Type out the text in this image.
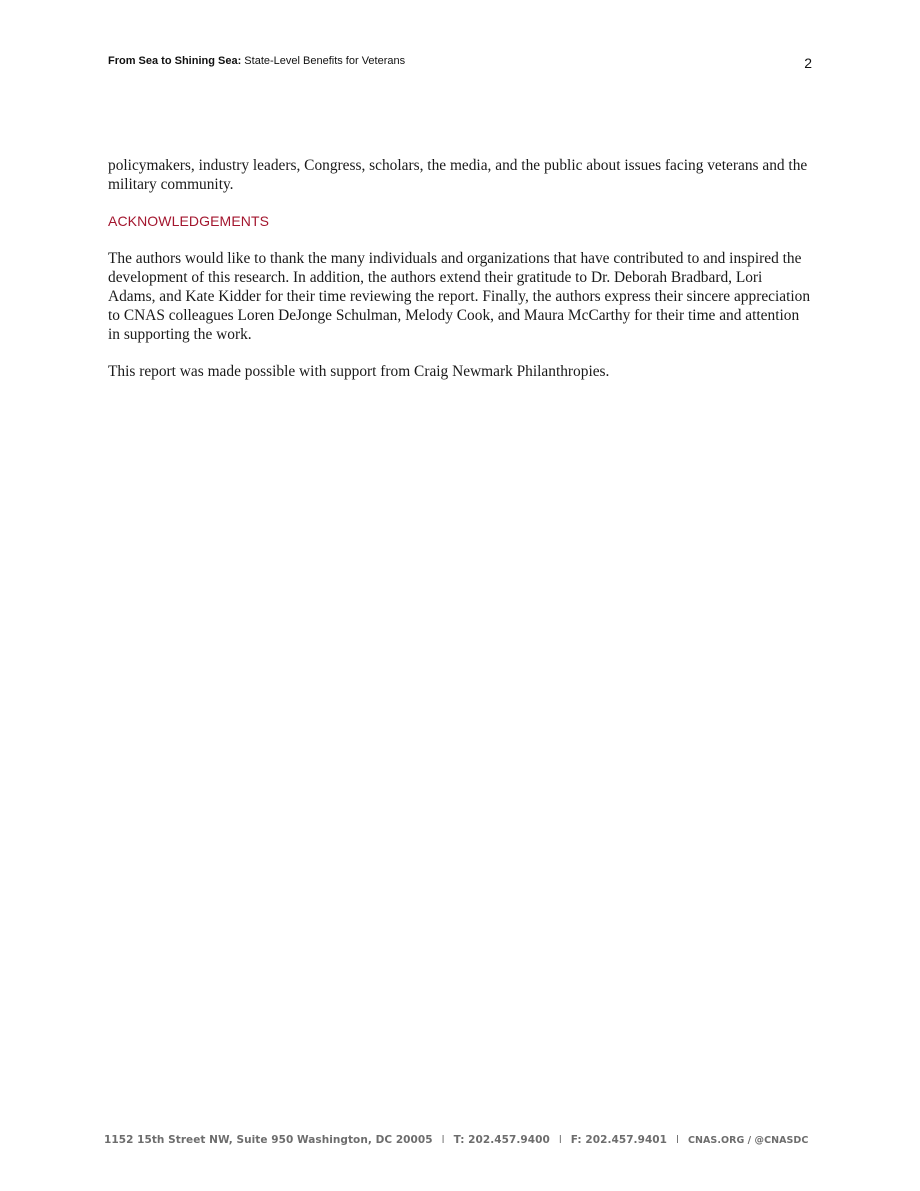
From Sea to Shining Sea: State-Level Benefits for Veterans	2

policymakers, industry leaders, Congress, scholars, the media, and the public about issues facing veterans and the military community.

ACKNOWLEDGEMENTS

The authors would like to thank the many individuals and organizations that have contributed to and inspired the development of this research. In addition, the authors extend their gratitude to Dr. Deborah Bradbard, Lori Adams, and Kate Kidder for their time reviewing the report. Finally, the authors express their sincere appreciation to CNAS colleagues Loren DeJonge Schulman, Melody Cook, and Maura McCarthy for their time and attention in supporting the work.

This report was made possible with support from Craig Newmark Philanthropies.

1152 15th Street NW, Suite 950 Washington, DC 20005 l T: 202.457.9400 l F: 202.457.9401 l CNAS.ORG / @CNASDC
